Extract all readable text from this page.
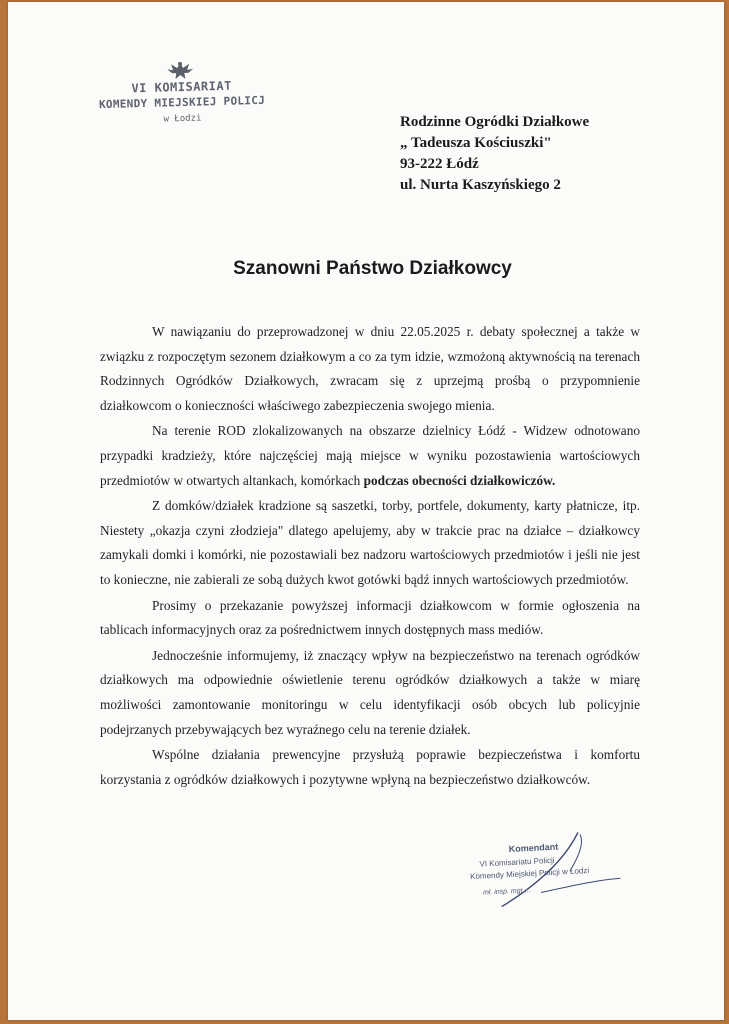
VI KOMISARIAT
KOMENDY MIEJSKIEJ POLICJ
w Łodzi	Rodzinne Ogródki Działkowe
„ Tadeusza Kościuszki"
93-222 Łódź
ul. Nurta Kaszyńskiego 2
Szanowni Państwo Działkowcy

W nawiązaniu do przeprowadzonej w dniu 22.05.2025 r. debaty społecznej a także w związku z rozpoczętym sezonem działkowym a co za tym idzie, wzmożoną aktywnością na terenach Rodzinnych Ogródków Działkowych, zwracam się z uprzejmą prośbą o przypomnienie działkowcom o konieczności właściwego zabezpieczenia swojego mienia.

Na terenie ROD zlokalizowanych na obszarze dzielnicy Łódź - Widzew odnotowano przypadki kradzieży, które najczęściej mają miejsce w wyniku pozostawienia wartościowych przedmiotów w otwartych altankach, komórkach podczas obecności działkowiczów.

Z domków/działek kradzione są saszetki, torby, portfele, dokumenty, karty płatnicze, itp. Niestety „okazja czyni złodzieja" dlatego apelujemy, aby w trakcie prac na działce – działkowcy zamykali domki i komórki, nie pozostawiali bez nadzoru wartościowych przedmiotów i jeśli nie jest to konieczne, nie zabierali ze sobą dużych kwot gotówki bądź innych wartościowych przedmiotów.

Prosimy o przekazanie powyższej informacji działkowcom w formie ogłoszenia na tablicach informacyjnych oraz za pośrednictwem innych dostępnych mass mediów.

Jednocześnie informujemy, iż znaczący wpływ na bezpieczeństwo na terenach ogródków działkowych ma odpowiednie oświetlenie terenu ogródków działkowych a także w miarę możliwości zamontowanie monitoringu w celu identyfikacji osób obcych lub policyjnie podejrzanych przebywających bez wyraźnego celu na terenie działek.

Wspólne działania prewencyjne przysłużą poprawie bezpieczeństwa i komfortu korzystania z ogródków działkowych i pozytywne wpłyną na bezpieczeństwo działkowców.

Komendant
VI Komisariatu Policji
Komendy Miejskiej Policji w Łodzi
mł. insp. mgr ...
